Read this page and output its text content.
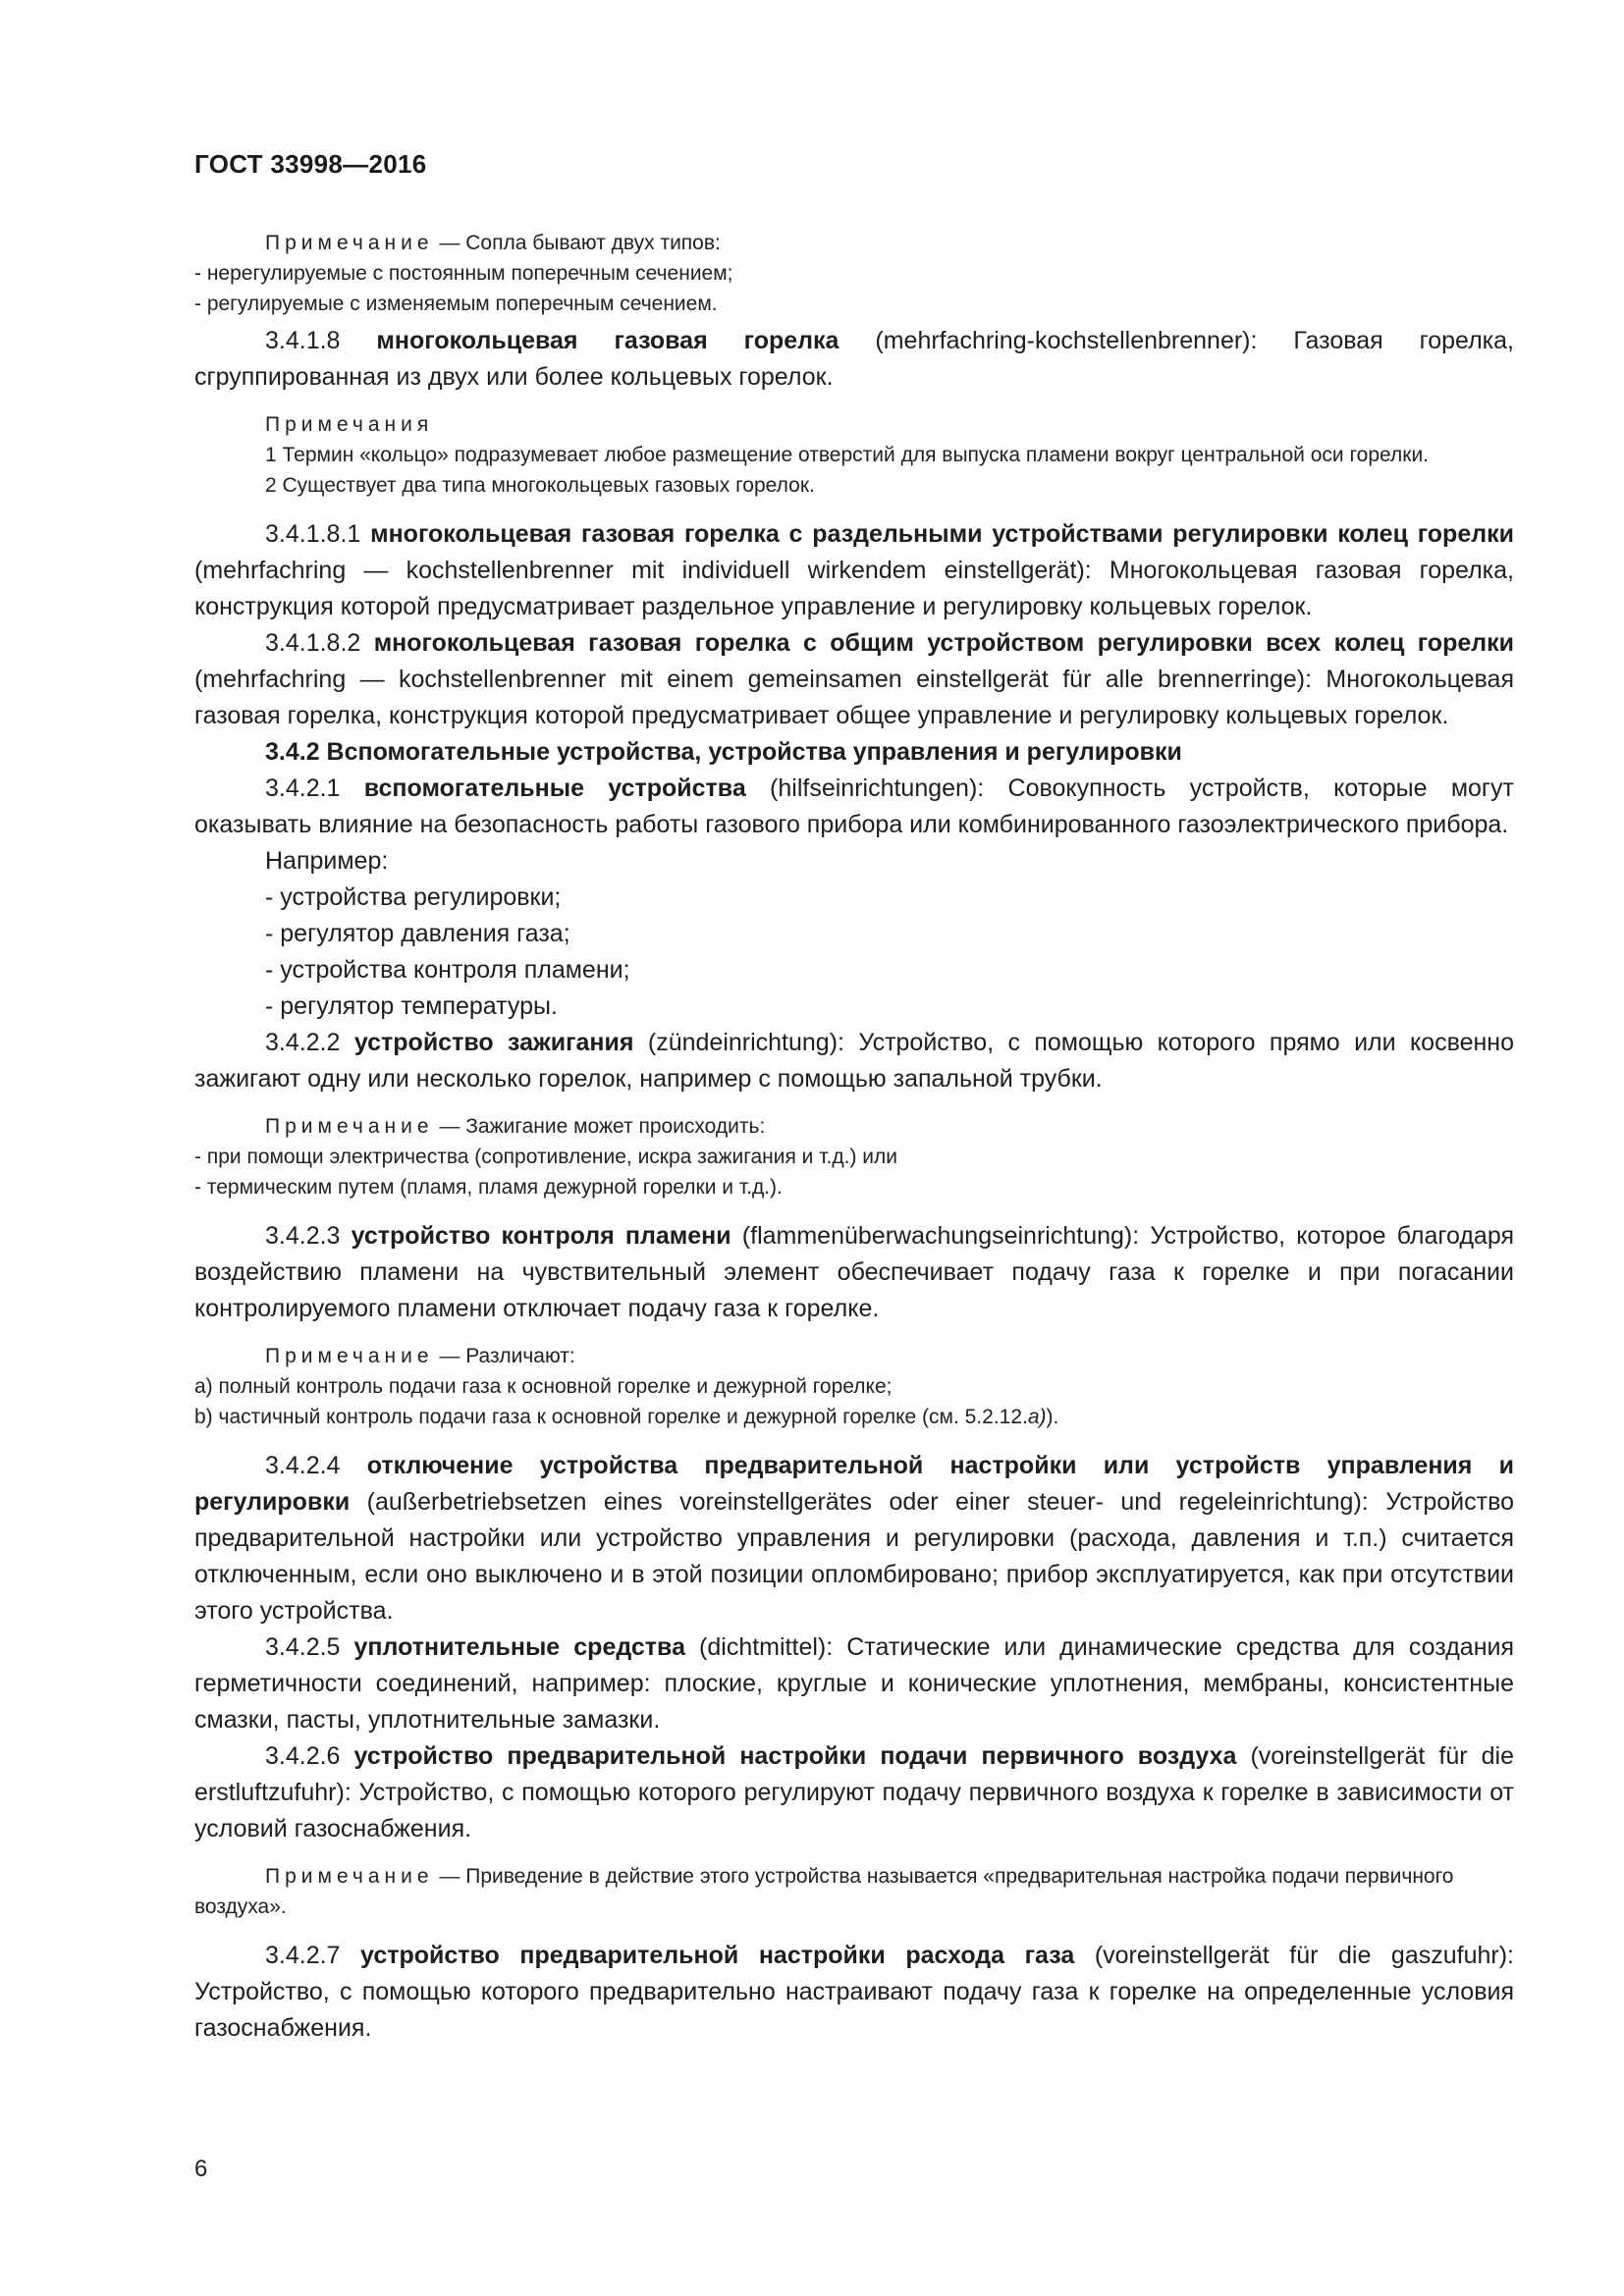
ГОСТ 33998—2016

Примечание — Сопла бывают двух типов:

- нерегулируемые с постоянным поперечным сечением;

- регулируемые с изменяемым поперечным сечением.

3.4.1.8 многокольцевая газовая горелка (mehrfachring-kochstellenbrenner): Газовая горелка, сгруппированная из двух или более кольцевых горелок.

Примечания

1 Термин «кольцо» подразумевает любое размещение отверстий для выпуска пламени вокруг центральной оси горелки.

2 Существует два типа многокольцевых газовых горелок.

3.4.1.8.1 многокольцевая газовая горелка с раздельными устройствами регулировки колец горелки (mehrfachring — kochstellenbrenner mit individuell wirkendem einstellgerät): Многокольцевая газовая горелка, конструкция которой предусматривает раздельное управление и регулировку кольцевых горелок.

3.4.1.8.2 многокольцевая газовая горелка с общим устройством регулировки всех колец горелки (mehrfachring — kochstellenbrenner mit einem gemeinsamen einstellgerät für alle brennerringe): Многокольцевая газовая горелка, конструкция которой предусматривает общее управление и регулировку кольцевых горелок.

3.4.2 Вспомогательные устройства, устройства управления и регулировки

3.4.2.1 вспомогательные устройства (hilfseinrichtungen): Совокупность устройств, которые могут оказывать влияние на безопасность работы газового прибора или комбинированного газоэлектрического прибора.

Например:

- устройства регулировки;

- регулятор давления газа;

- устройства контроля пламени;

- регулятор температуры.

3.4.2.2 устройство зажигания (zündeinrichtung): Устройство, с помощью которого прямо или косвенно зажигают одну или несколько горелок, например с помощью запальной трубки.

Примечание — Зажигание может происходить:

- при помощи электричества (сопротивление, искра зажигания и т.д.) или

- термическим путем (пламя, пламя дежурной горелки и т.д.).

3.4.2.3 устройство контроля пламени (flammenüberwachungseinrichtung): Устройство, которое благодаря воздействию пламени на чувствительный элемент обеспечивает подачу газа к горелке и при погасании контролируемого пламени отключает подачу газа к горелке.

Примечание — Различают:

a) полный контроль подачи газа к основной горелке и дежурной горелке;

b) частичный контроль подачи газа к основной горелке и дежурной горелке (см. 5.2.12.а)).

3.4.2.4 отключение устройства предварительной настройки или устройств управления и регулировки (außerbetriebsetzen eines voreinstellgerätes oder einer steuer- und regeleinrichtung): Устройство предварительной настройки или устройство управления и регулировки (расхода, давления и т.п.) считается отключенным, если оно выключено и в этой позиции опломбировано; прибор эксплуатируется, как при отсутствии этого устройства.

3.4.2.5 уплотнительные средства (dichtmittel): Статические или динамические средства для создания герметичности соединений, например: плоские, круглые и конические уплотнения, мембраны, консистентные смазки, пасты, уплотнительные замазки.

3.4.2.6 устройство предварительной настройки подачи первичного воздуха (voreinstellgerät für die erstluftzufuhr): Устройство, с помощью которого регулируют подачу первичного воздуха к горелке в зависимости от условий газоснабжения.

Примечание — Приведение в действие этого устройства называется «предварительная настройка подачи первичного воздуха».

3.4.2.7 устройство предварительной настройки расхода газа (voreinstellgerät für die gaszufuhr): Устройство, с помощью которого предварительно настраивают подачу газа к горелке на определенные условия газоснабжения.

6
